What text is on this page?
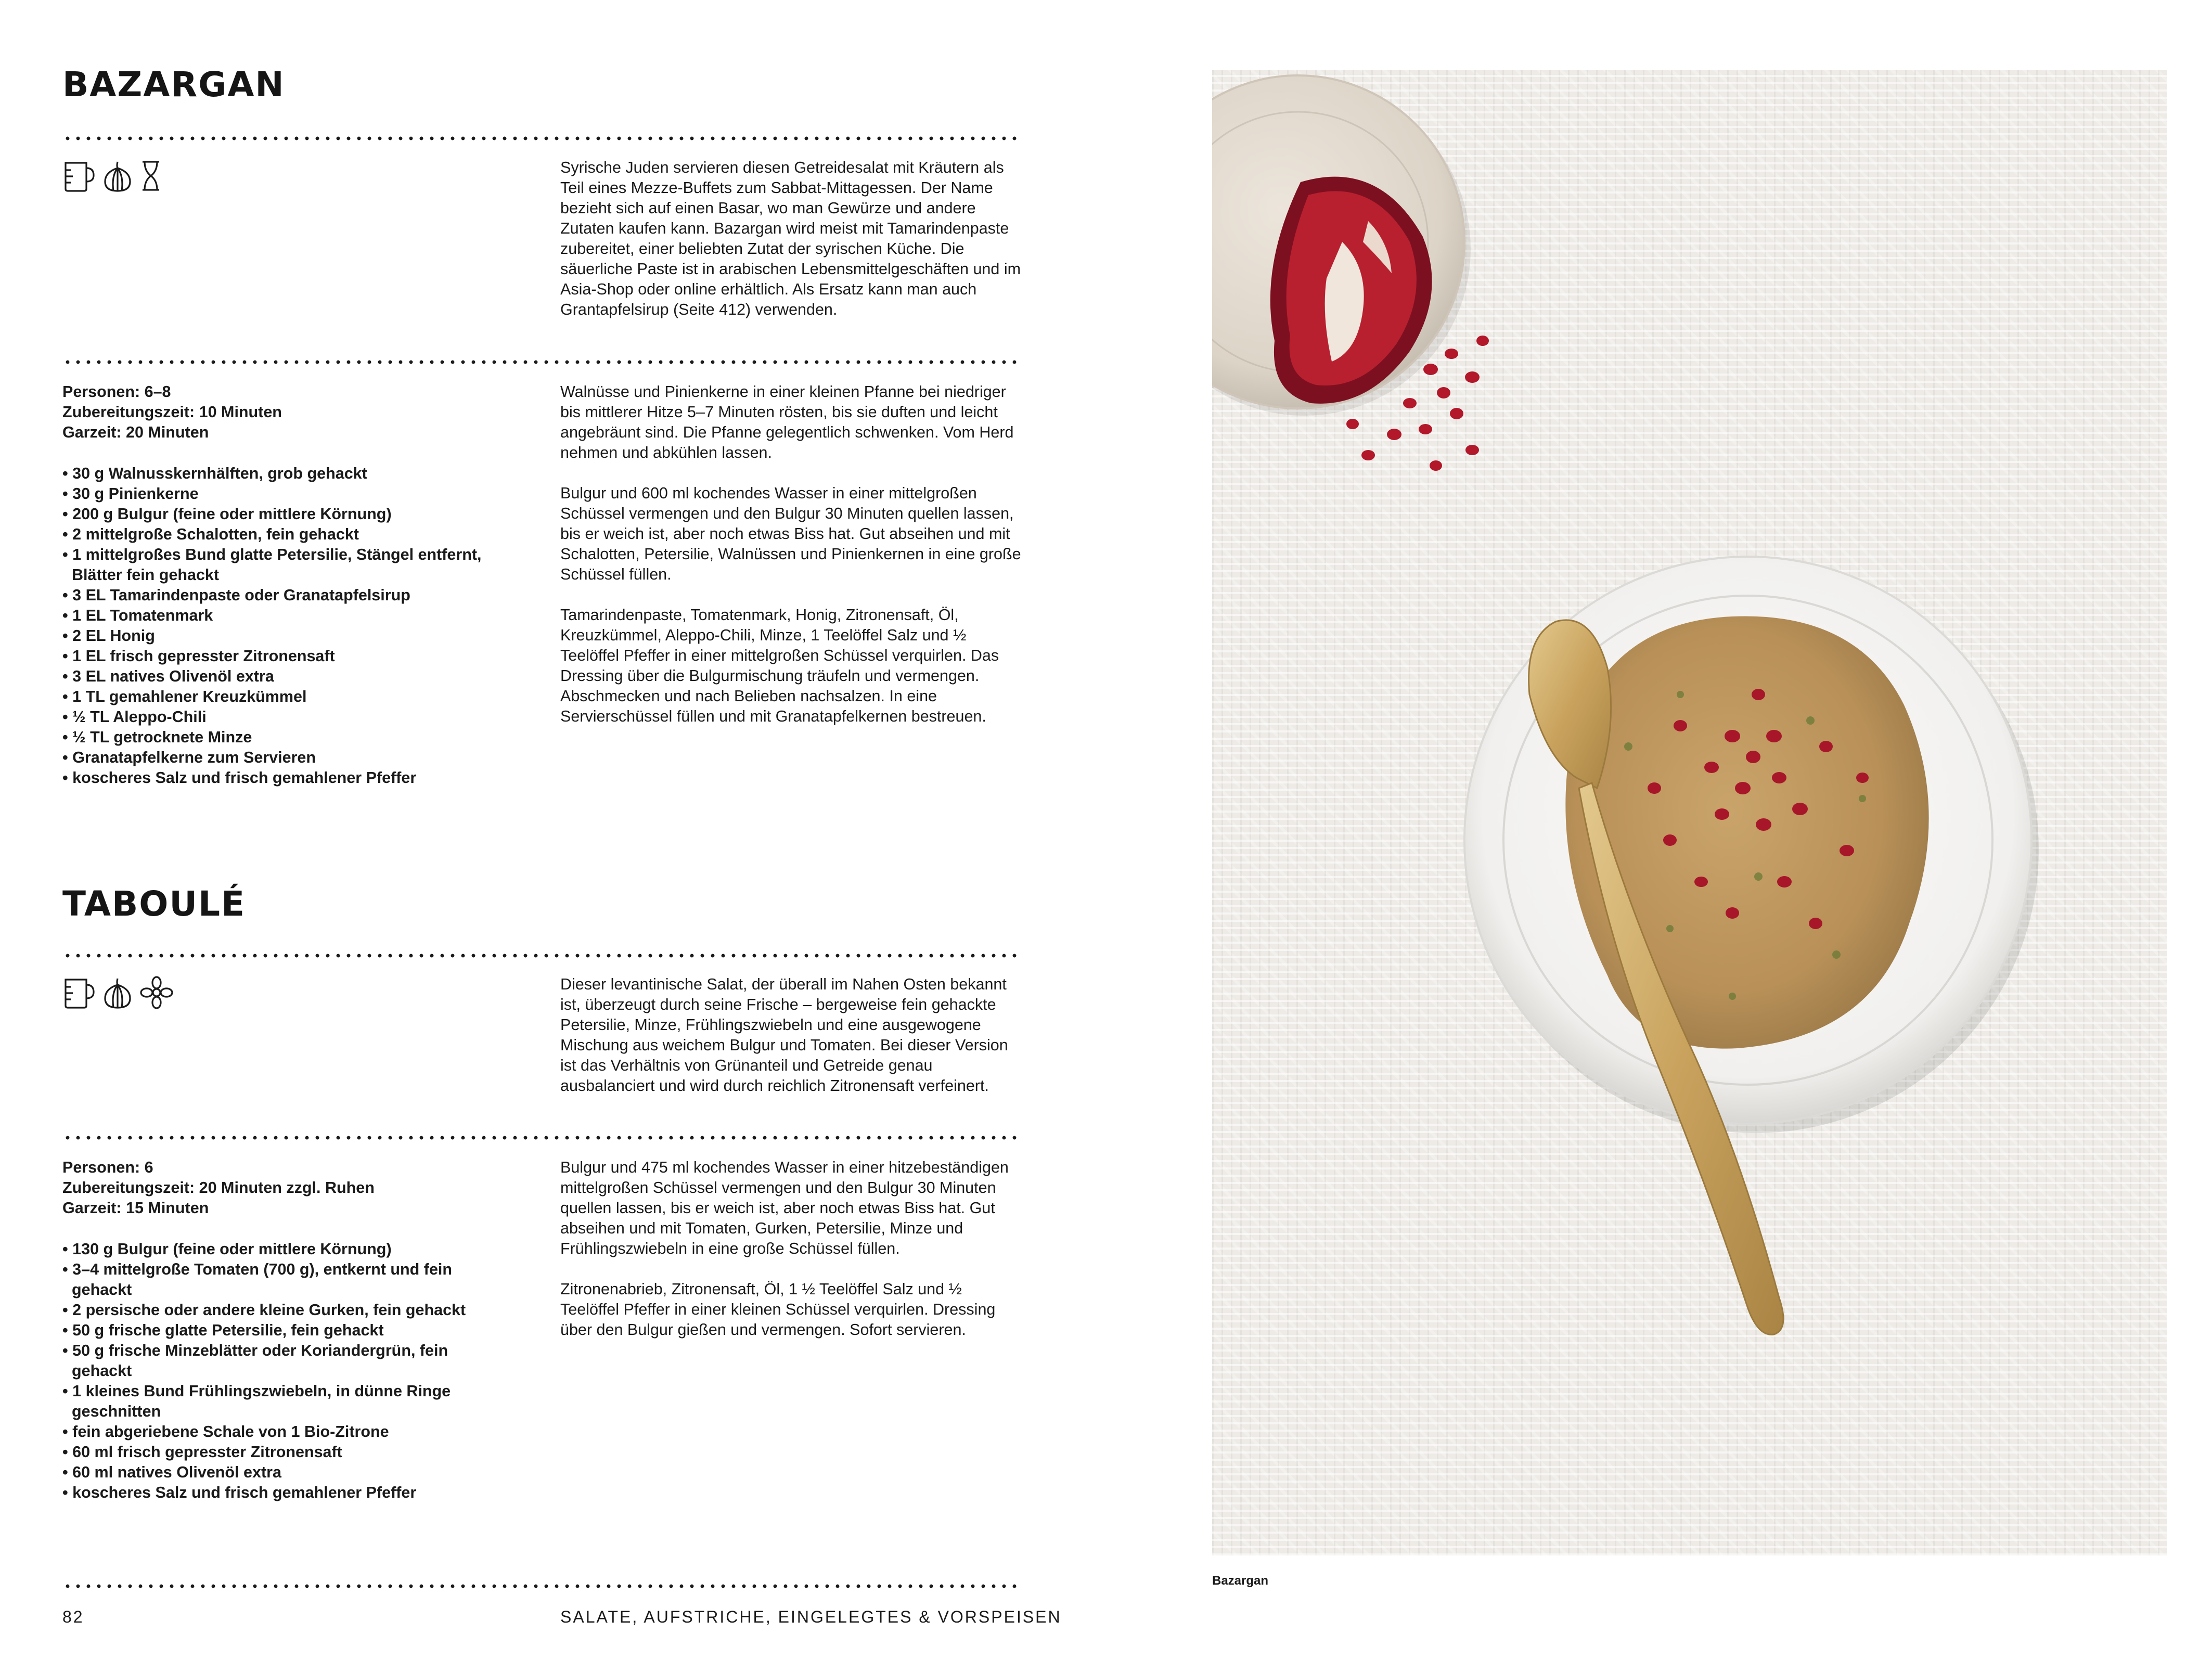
BAZARGAN
Syrische Juden servieren diesen Getreidesalat mit Kräutern als Teil eines Mezze-Buffets zum Sabbat-Mittagessen. Der Name bezieht sich auf einen Basar, wo man Gewürze und andere Zutaten kaufen kann. Bazargan wird meist mit Tamarindenpaste zubereitet, einer beliebten Zutat der syrischen Küche. Die säuerliche Paste ist in arabischen Lebensmittelgeschäften und im Asia-Shop oder online erhältlich. Als Ersatz kann man auch Grantapfelsirup (Seite 412) verwenden.
Personen: 6–8
Zubereitungszeit: 10 Minuten
Garzeit: 20 Minuten
• 30 g Walnusskernhälften, grob gehackt
• 30 g Pinienkerne
• 200 g Bulgur (feine oder mittlere Körnung)
• 2 mittelgroße Schalotten, fein gehackt
• 1 mittelgroßes Bund glatte Petersilie, Stängel entfernt, Blätter fein gehackt
• 3 EL Tamarindenpaste oder Granatapfelsirup
• 1 EL Tomatenmark
• 2 EL Honig
• 1 EL frisch gepresster Zitronensaft
• 3 EL natives Olivenöl extra
• 1 TL gemahlener Kreuzkümmel
• ½ TL Aleppo-Chili
• ½ TL getrocknete Minze
• Granatapfelkerne zum Servieren
• koscheres Salz und frisch gemahlener Pfeffer

Walnüsse und Pinienkerne in einer kleinen Pfanne bei niedriger bis mittlerer Hitze 5–7 Minuten rösten, bis sie duften und leicht angebräunt sind. Die Pfanne gelegentlich schwenken. Vom Herd nehmen und abkühlen lassen.

Bulgur und 600 ml kochendes Wasser in einer mittelgroßen Schüssel vermengen und den Bulgur 30 Minuten quellen lassen, bis er weich ist, aber noch etwas Biss hat. Gut abseihen und mit Schalotten, Petersilie, Walnüssen und Pinienkernen in eine große Schüssel füllen.

Tamarindenpaste, Tomatenmark, Honig, Zitronensaft, Öl, Kreuzkümmel, Aleppo-Chili, Minze, 1 Teelöffel Salz und ½ Teelöffel Pfeffer in einer mittelgroßen Schüssel verquirlen. Das Dressing über die Bulgurmischung träufeln und vermengen. Abschmecken und nach Belieben nachsalzen. In eine Servierschüssel füllen und mit Granatapfelkernen bestreuen.

TABOULÉ
Dieser levantinische Salat, der überall im Nahen Osten bekannt ist, überzeugt durch seine Frische – bergeweise fein gehackte Petersilie, Minze, Frühlingszwiebeln und eine ausgewogene Mischung aus weichem Bulgur und Tomaten. Bei dieser Version ist das Verhältnis von Grünanteil und Getreide genau ausbalanciert und wird durch reichlich Zitronensaft verfeinert.
Personen: 6
Zubereitungszeit: 20 Minuten zzgl. Ruhen
Garzeit: 15 Minuten
• 130 g Bulgur (feine oder mittlere Körnung)
• 3–4 mittelgroße Tomaten (700 g), entkernt und fein gehackt
• 2 persische oder andere kleine Gurken, fein gehackt
• 50 g frische glatte Petersilie, fein gehackt
• 50 g frische Minzeblätter oder Koriandergrün, fein gehackt
• 1 kleines Bund Frühlingszwiebeln, in dünne Ringe geschnitten
• fein abgeriebene Schale von 1 Bio-Zitrone
• 60 ml frisch gepresster Zitronensaft
• 60 ml natives Olivenöl extra
• koscheres Salz und frisch gemahlener Pfeffer

Bulgur und 475 ml kochendes Wasser in einer hitzebeständigen mittelgroßen Schüssel vermengen und den Bulgur 30 Minuten quellen lassen, bis er weich ist, aber noch etwas Biss hat. Gut abseihen und mit Tomaten, Gurken, Petersilie, Minze und Frühlingszwiebeln in eine große Schüssel füllen.

Zitronenabrieb, Zitronensaft, Öl, 1 ½ Teelöffel Salz und ½ Teelöffel Pfeffer in einer kleinen Schüssel verquirlen. Dressing über den Bulgur gießen und vermengen. Sofort servieren.

82	SALATE, AUFSTRICHE, EINGELEGTES & VORSPEISEN
Bazargan
